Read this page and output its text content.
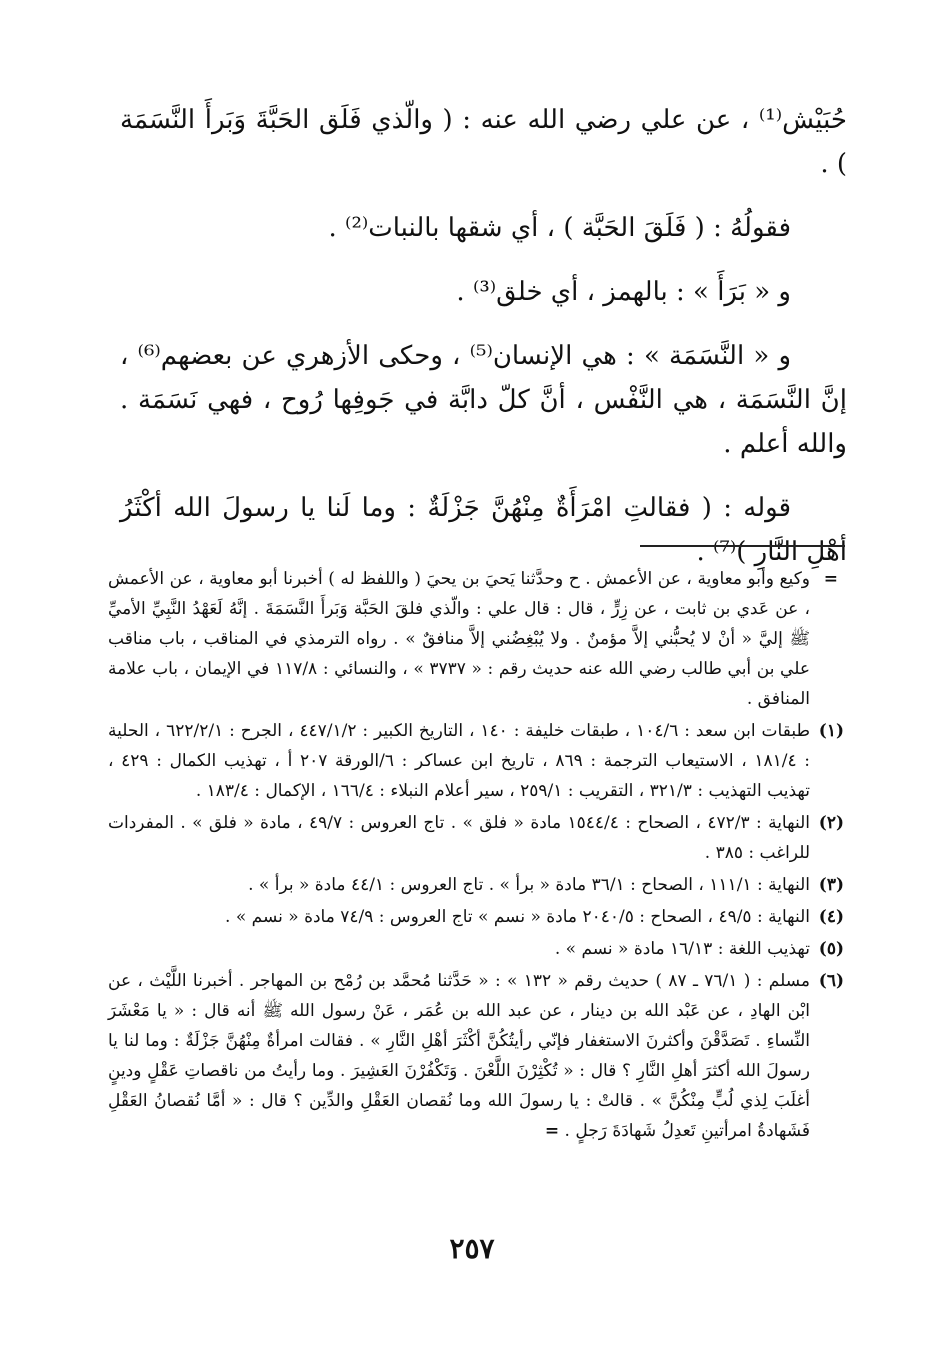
حُبَيْش⁽¹⁾ ، عن علي رضي الله عنه : ( والّذي فَلَق الحَبَّةَ وَبَرأَ النَّسَمَة ) .

فقولُهُ : ( فَلَقَ الحَبَّة ) ، أي شقها بالنبات⁽²⁾ .

و « بَرَأَ » : بالهمز ، أي خلق⁽³⁾ .

و « النَّسَمَة » : هي الإنسان⁽⁵⁾ ، وحكى الأزهري عن بعضهم⁽⁶⁾ ، إنَّ النَّسَمَة ، هي النَّفْس ، أنَّ كلّ دابَّة في جَوفِها رُوح ، فهي نَسَمَة . والله أعلم .

قوله : ( فقالتِ امْرَأَةٌ مِنْهُنَّ جَزْلَةٌ : وما لَنا يا رسولَ الله أكْثَرُ أهْلِ النَّارِ )⁽⁷⁾ .

=
وكيع وأبو معاوية ، عن الأعمش . ح وحدَّثنا يَحيَ بن يحيَ ( واللفظ له ) أخبرنا أبو معاوية ، عن الأعمش ، عن عَدي بن ثابت ، عن زِرٍّ ، قال : قال علي : والّذي فلقَ الحَبَّة وَبَرأَ النَّسَمَةَ . إنَّهُ لَعَهْدُ النَّبِيِّ الأميِّ ﷺ إليَّ « أنْ لا يُحبُّني إلاَّ مؤمنٌ . ولا يُبْغِضُني إلاَّ منافقٌ » . رواه الترمذي في المناقب ، باب مناقب علي بن أبي طالب رضي الله عنه حديث رقم : « ٣٧٣٧ » ، والنسائي : ١١٧/٨ في الإيمان ، باب علامة المنافق .
(١)
طبقات ابن سعد : ١٠٤/٦ ، طبقات خليفة : ١٤٠ ، التاريخ الكبير : ٤٤٧/١/٢ ، الجرح : ٦٢٢/٢/١ ، الحلية : ١٨١/٤ ، الاستيعاب الترجمة : ٨٦٩ ، تاريخ ابن عساكر : ٦/الورقة ٢٠٧ أ ، تهذيب الكمال : ٤٢٩ ، تهذيب التهذيب : ٣٢١/٣ ، التقريب : ٢٥٩/١ ، سير أعلام النبلاء : ١٦٦/٤ ، الإكمال : ١٨٣/٤ .
(٢)
النهاية : ٤٧٢/٣ ، الصحاح : ١٥٤٤/٤ مادة « فلق » . تاج العروس : ٤٩/٧ ، مادة « فلق » . المفردات للراغب : ٣٨٥ .
(٣)
النهاية : ١١١/١ ، الصحاح : ٣٦/١ مادة « برأ » . تاج العروس : ٤٤/١ مادة « برأ » .
(٤)
النهاية : ٤٩/٥ ، الصحاح : ٢٠٤٠/٥ مادة « نسم » تاج العروس : ٧٤/٩ مادة « نسم » .
(٥)
تهذيب اللغة : ١٦/١٣ مادة « نسم » .
(٦)
مسلم : ( ٧٦/١ ـ ٨٧ ) حديث رقم « ١٣٢ » : « حَدَّثنا مُحمَّد بن رُمْح بن المهاجر . أخبرنا اللَّيْث ، عن ابْن الهادِ ، عن عَبْد الله بن دينار ، عن عبد الله بن عُمَر ، عَنْ رسول الله ﷺ أنه قال : « يا مَعْشَرَ النِّساءِ . تَصَدَّقْنَ وأكثرنَ الاستغفار فإنّي رأيتُكُنَّ أكْثَرَ أهْلِ النَّارِ » . فقالت امرأةٌ مِنْهُنَّ جَزْلَةٌ : وما لنا يا رسولَ الله أكثرَ أهلِ النَّارِ ؟ قال : « تُكْثِرْنَ اللَّعْنَ . وَتَكْفُرْنَ العَشِيرَ . وما رأيتُ من ناقصاتِ عَقْلٍ ودينٍ أغلَبَ لِذي لُبٍّ مِنْكُنَّ » . قالتْ : يا رسولَ الله وما نُقصان العَقْلِ والدِّين ؟ قال : « أمَّا نُقصانُ العَقْلِ فَشَهادةُ امرأتينِ تَعدِلُ شَهادَةَ رَجلٍ . =
٢٥٧
